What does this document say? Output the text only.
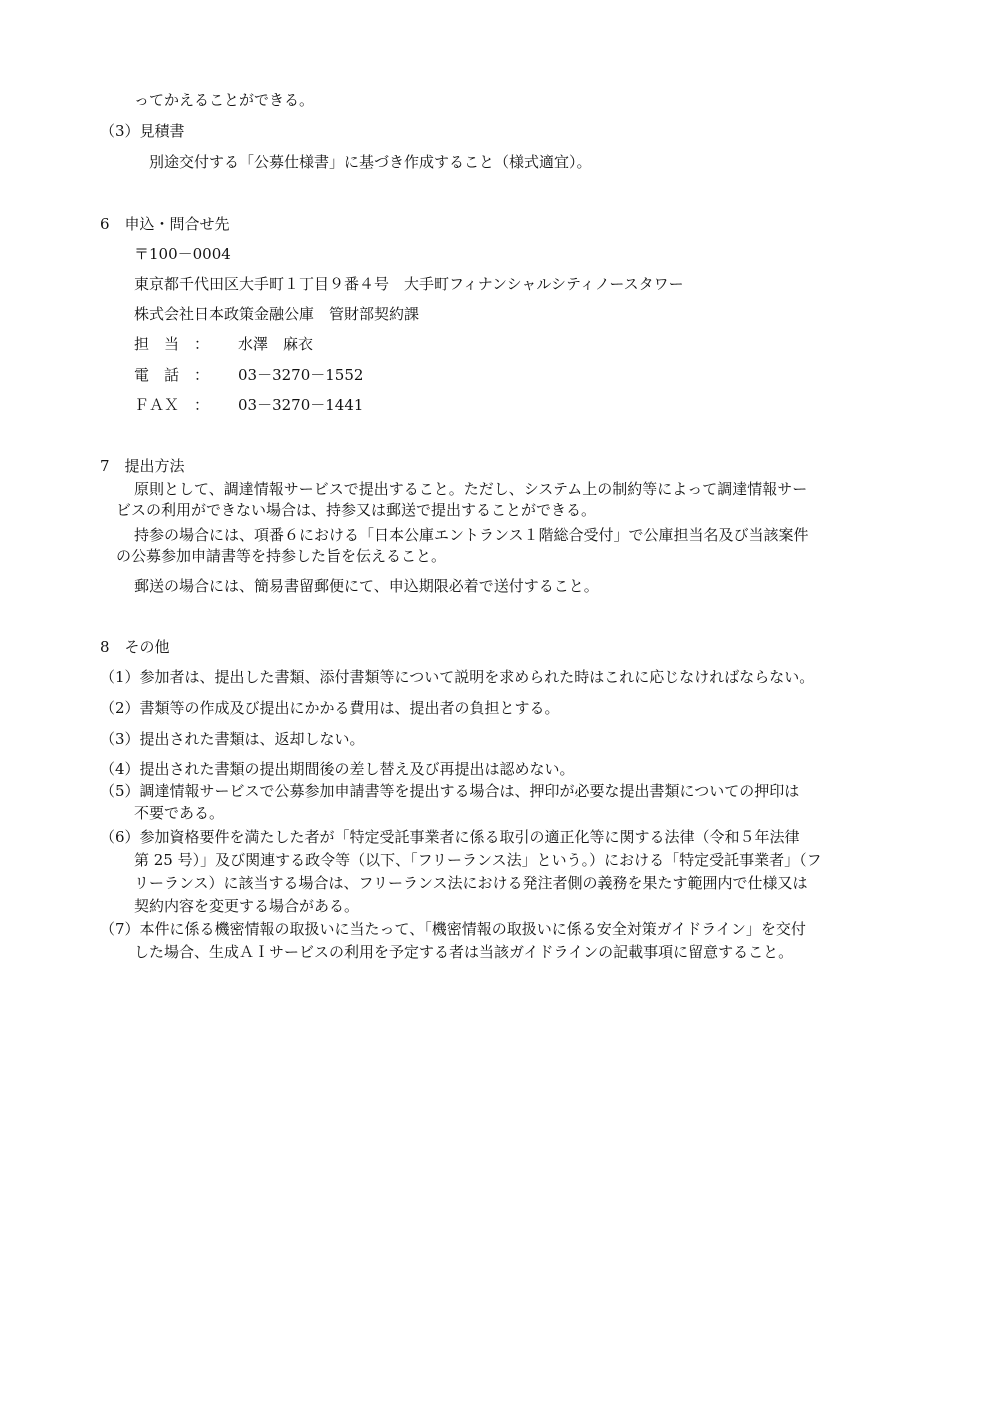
ってかえることができる。
（3）見積書
別途交付する「公募仕様書」に基づき作成すること（様式適宜）。
6　申込・問合せ先
〒100－0004
東京都千代田区大手町１丁目９番４号　大手町フィナンシャルシティノースタワー
株式会社日本政策金融公庫　管財部契約課
担　当　： 水澤　麻衣
電　話　： 03－3270－1552
ＦＡＸ　： 03－3270－1441
7　提出方法
原則として、調達情報サービスで提出すること。ただし、システム上の制約等によって調達情報サー
ビスの利用ができない場合は、持参又は郵送で提出することができる。
持参の場合には、項番６における「日本公庫エントランス１階総合受付」で公庫担当名及び当該案件
の公募参加申請書等を持参した旨を伝えること。
郵送の場合には、簡易書留郵便にて、申込期限必着で送付すること。
8　その他
（1）参加者は、提出した書類、添付書類等について説明を求められた時はこれに応じなければならない。
（2）書類等の作成及び提出にかかる費用は、提出者の負担とする。
（3）提出された書類は、返却しない。
（4）提出された書類の提出期間後の差し替え及び再提出は認めない。
（5）調達情報サービスで公募参加申請書等を提出する場合は、押印が必要な提出書類についての押印は
不要である。
（6）参加資格要件を満たした者が「特定受託事業者に係る取引の適正化等に関する法律（令和５年法律
第 25 号）」及び関連する政令等（以下、「フリーランス法」という。）における「特定受託事業者」（フ
リーランス）に該当する場合は、フリーランス法における発注者側の義務を果たす範囲内で仕様又は
契約内容を変更する場合がある。
（7）本件に係る機密情報の取扱いに当たって、「機密情報の取扱いに係る安全対策ガイドライン」を交付
した場合、生成ＡＩサービスの利用を予定する者は当該ガイドラインの記載事項に留意すること。
